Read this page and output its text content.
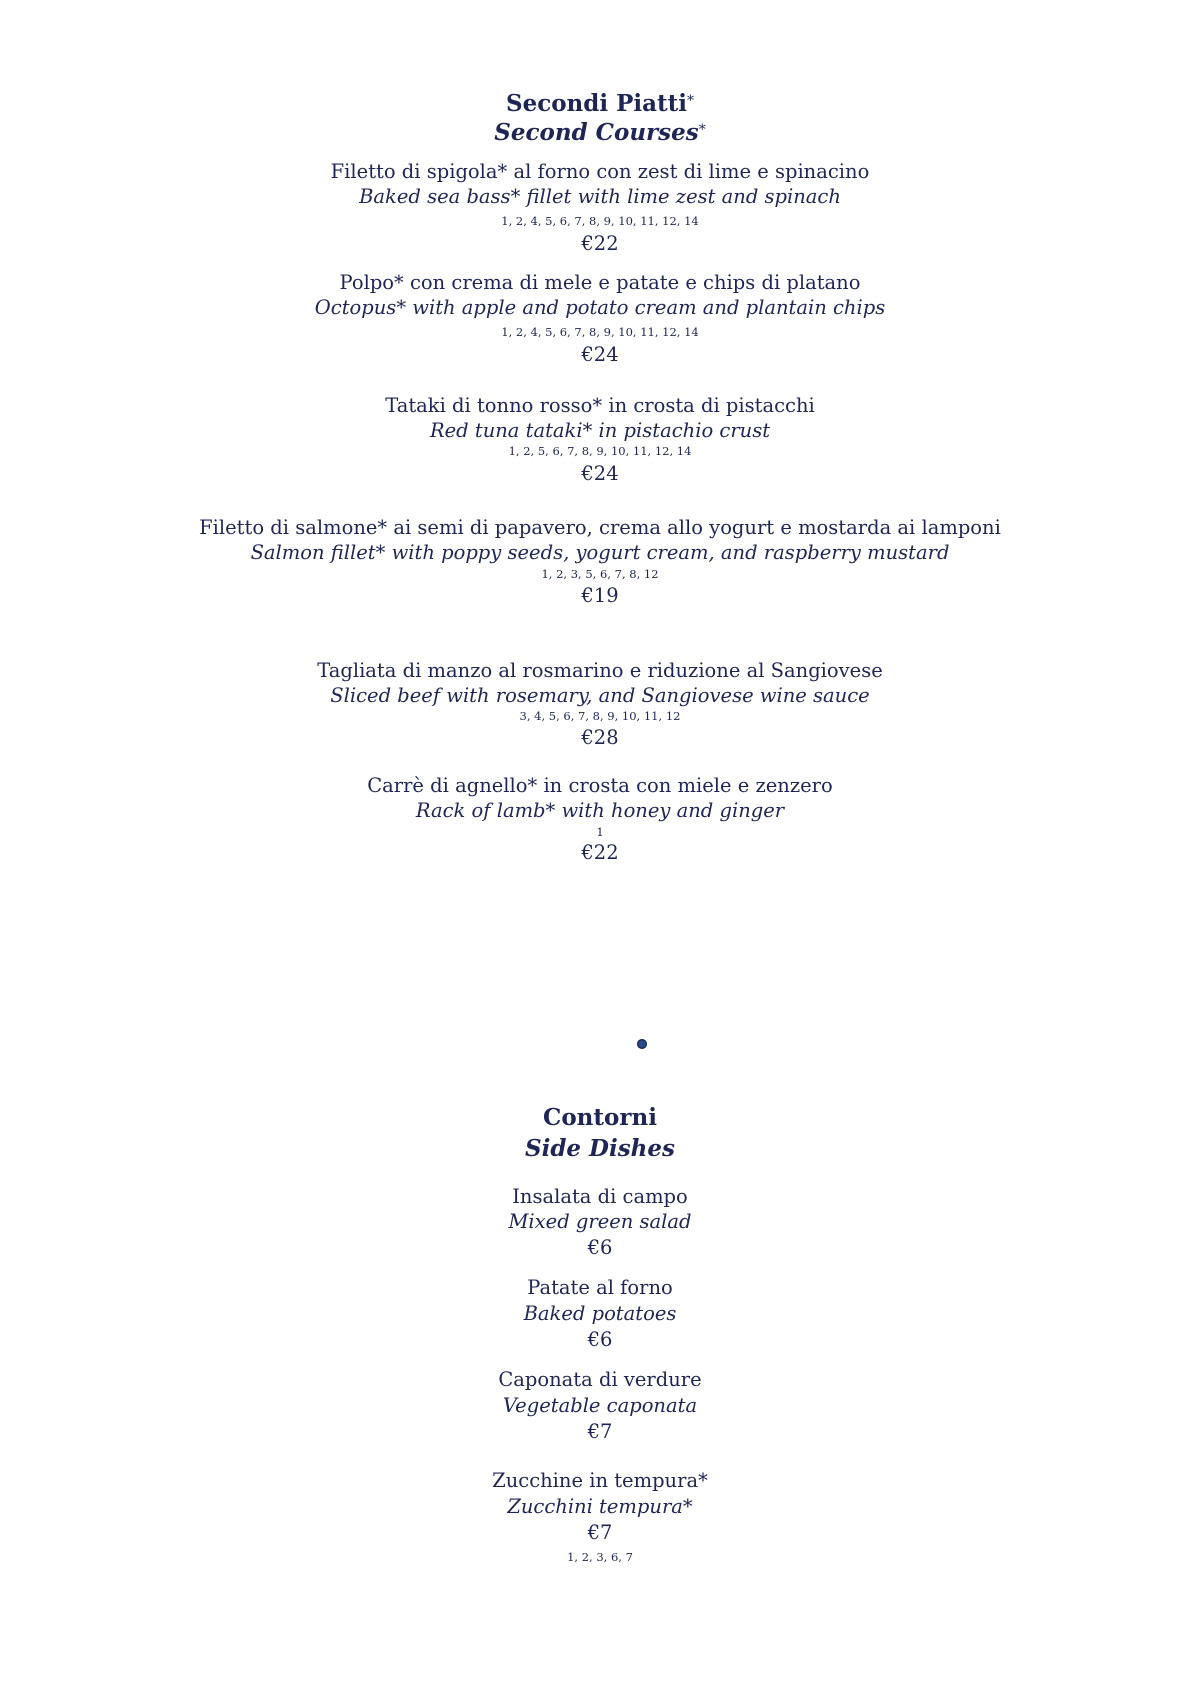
Secondi Piatti*
Second Courses*
Filetto di spigola* al forno con zest di lime e spinacino
Baked sea bass* fillet with lime zest and spinach
1, 2, 4, 5, 6, 7, 8, 9, 10, 11, 12, 14
€22
Polpo* con crema di mele e patate e chips di platano
Octopus* with apple and potato cream and plantain chips
1, 2, 4, 5, 6, 7, 8, 9, 10, 11, 12, 14
€24
Tataki di tonno rosso* in crosta di pistacchi
Red tuna tataki* in pistachio crust
1, 2, 5, 6, 7, 8, 9, 10, 11, 12, 14
€24
Filetto di salmone* ai semi di papavero, crema allo yogurt e mostarda ai lamponi
Salmon fillet* with poppy seeds, yogurt cream, and raspberry mustard
1, 2, 3, 5, 6, 7, 8, 12
€19
Tagliata di manzo al rosmarino e riduzione al Sangiovese
Sliced beef with rosemary, and Sangiovese wine sauce
3, 4, 5, 6, 7, 8, 9, 10, 11, 12
€28
Carrè di agnello* in crosta con miele e zenzero
Rack of lamb* with honey and ginger
1
€22
Contorni
Side Dishes
Insalata di campo
Mixed green salad
€6
Patate al forno
Baked potatoes
€6
Caponata di verdure
Vegetable caponata
€7
Zucchine in tempura*
Zucchini tempura*
€7
1, 2, 3, 6, 7
